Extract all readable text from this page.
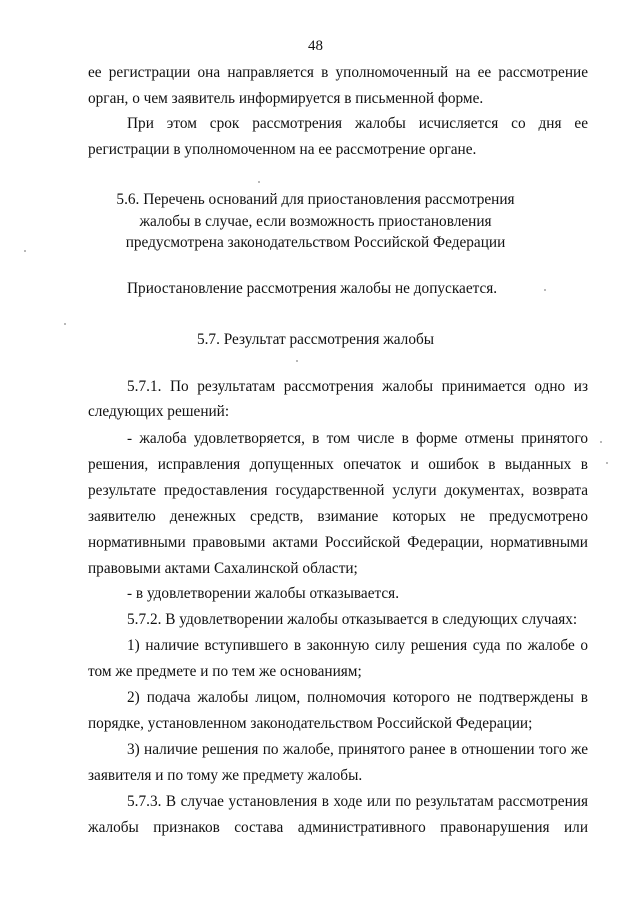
48
ее регистрации она направляется в уполномоченный на ее рассмотрение
орган, о чем заявитель информируется в письменной форме.
При этом срок рассмотрения жалобы исчисляется со дня ее
регистрации в уполномоченном на ее рассмотрение органе.
5.6. Перечень оснований для приостановления рассмотрения
жалобы в случае, если возможность приостановления
предусмотрена законодательством Российской Федерации
Приостановление рассмотрения жалобы не допускается.
5.7. Результат рассмотрения жалобы
5.7.1. По результатам рассмотрения жалобы принимается одно из
следующих решений:
- жалоба удовлетворяется, в том числе в форме отмены принятого
решения, исправления допущенных опечаток и ошибок в выданных в
результате предоставления государственной услуги документах, возврата
заявителю денежных средств, взимание которых не предусмотрено
нормативными правовыми актами Российской Федерации, нормативными
правовыми актами Сахалинской области;
- в удовлетворении жалобы отказывается.
5.7.2. В удовлетворении жалобы отказывается в следующих случаях:
1) наличие вступившего в законную силу решения суда по жалобе о
том же предмете и по тем же основаниям;
2) подача жалобы лицом, полномочия которого не подтверждены в
порядке, установленном законодательством Российской Федерации;
3) наличие решения по жалобе, принятого ранее в отношении того же
заявителя и по тому же предмету жалобы.
5.7.3. В случае установления в ходе или по результатам рассмотрения
жалобы признаков состава административного правонарушения или
